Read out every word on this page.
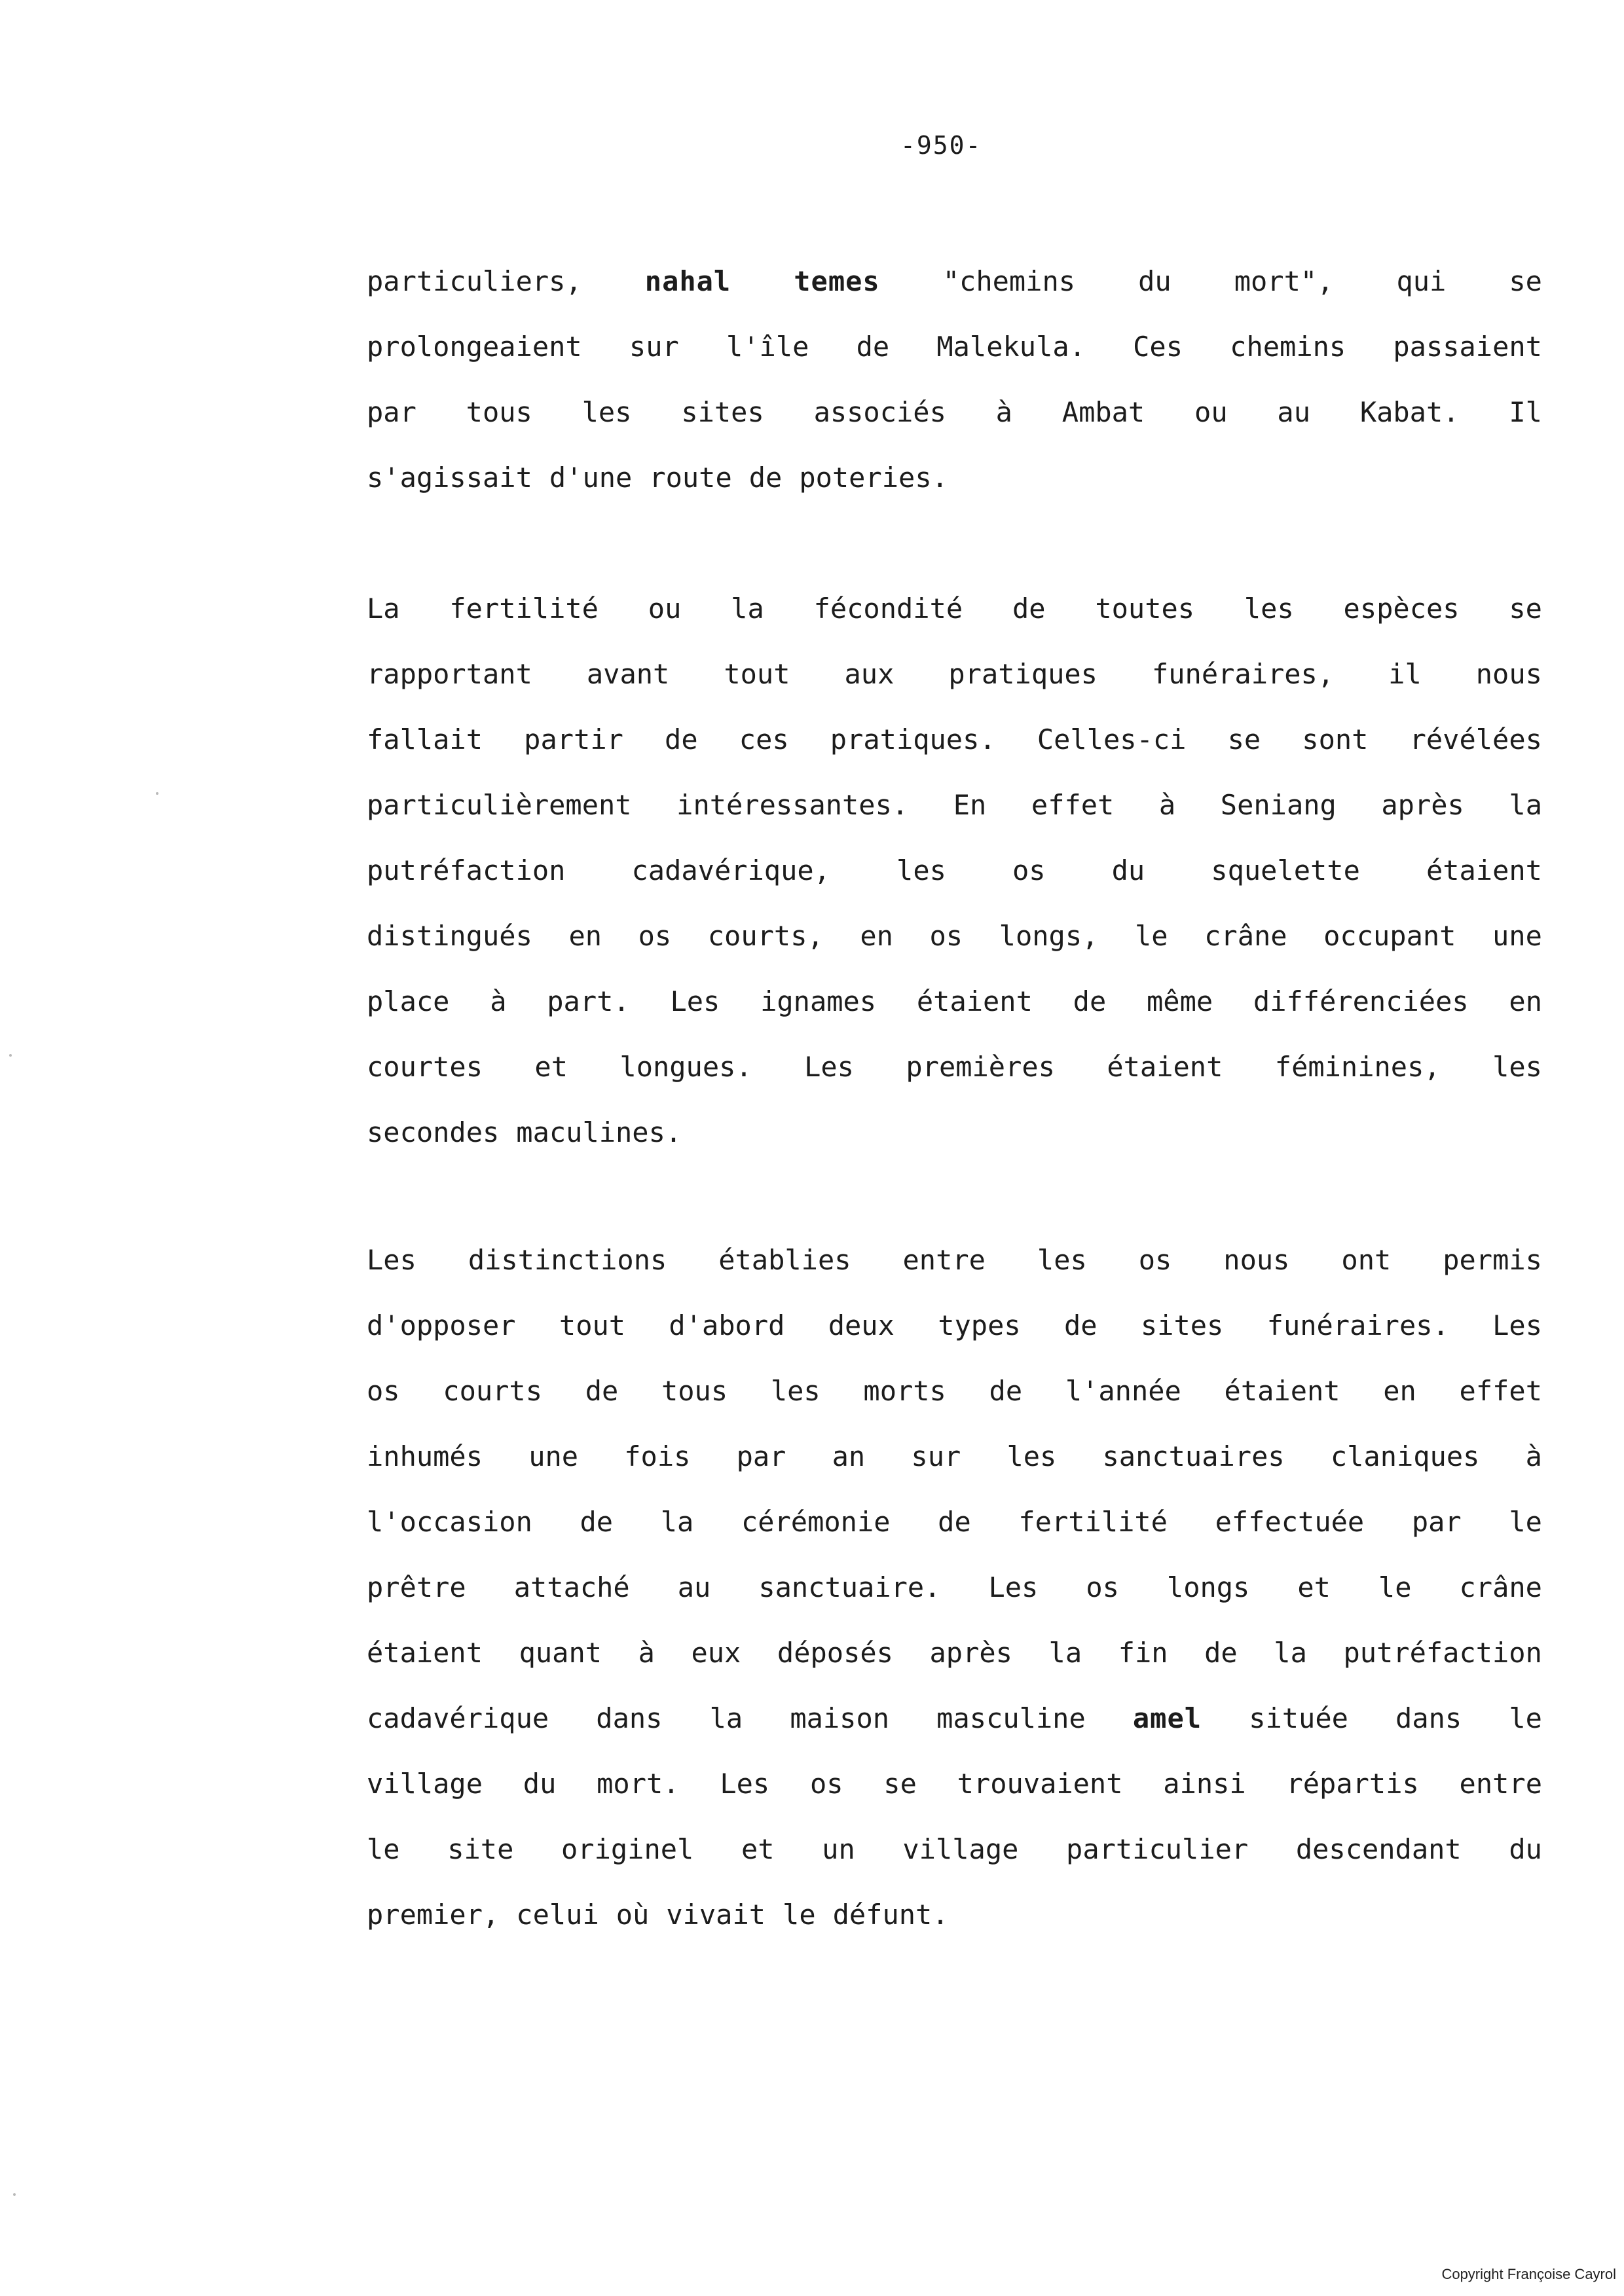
-950-
particuliers, nahal temes "chemins du mort", qui se
prolongeaient sur l'île de Malekula. Ces chemins passaient
par tous les sites associés à Ambat ou au Kabat. Il
s'agissait d'une route de poteries.
La fertilité ou la fécondité de toutes les espèces se
rapportant avant tout aux pratiques funéraires, il nous
fallait partir de ces pratiques. Celles-ci se sont révélées
particulièrement intéressantes. En effet à Seniang après la
putréfaction cadavérique, les os du squelette étaient
distingués en os courts, en os longs, le crâne occupant une
place à part. Les ignames étaient de même différenciées en
courtes et longues. Les premières étaient féminines, les
secondes maculines.
Les distinctions établies entre les os nous ont permis
d'opposer tout d'abord deux types de sites funéraires. Les
os courts de tous les morts de l'année étaient en effet
inhumés une fois par an sur les sanctuaires claniques à
l'occasion de la cérémonie de fertilité effectuée par le
prêtre attaché au sanctuaire. Les os longs et le crâne
étaient quant à eux déposés après la fin de la putréfaction
cadavérique dans la maison masculine amel située dans le
village du mort. Les os se trouvaient ainsi répartis entre
le site originel et un village particulier descendant du
premier, celui où vivait le défunt.
Copyright Françoise Cayrol
